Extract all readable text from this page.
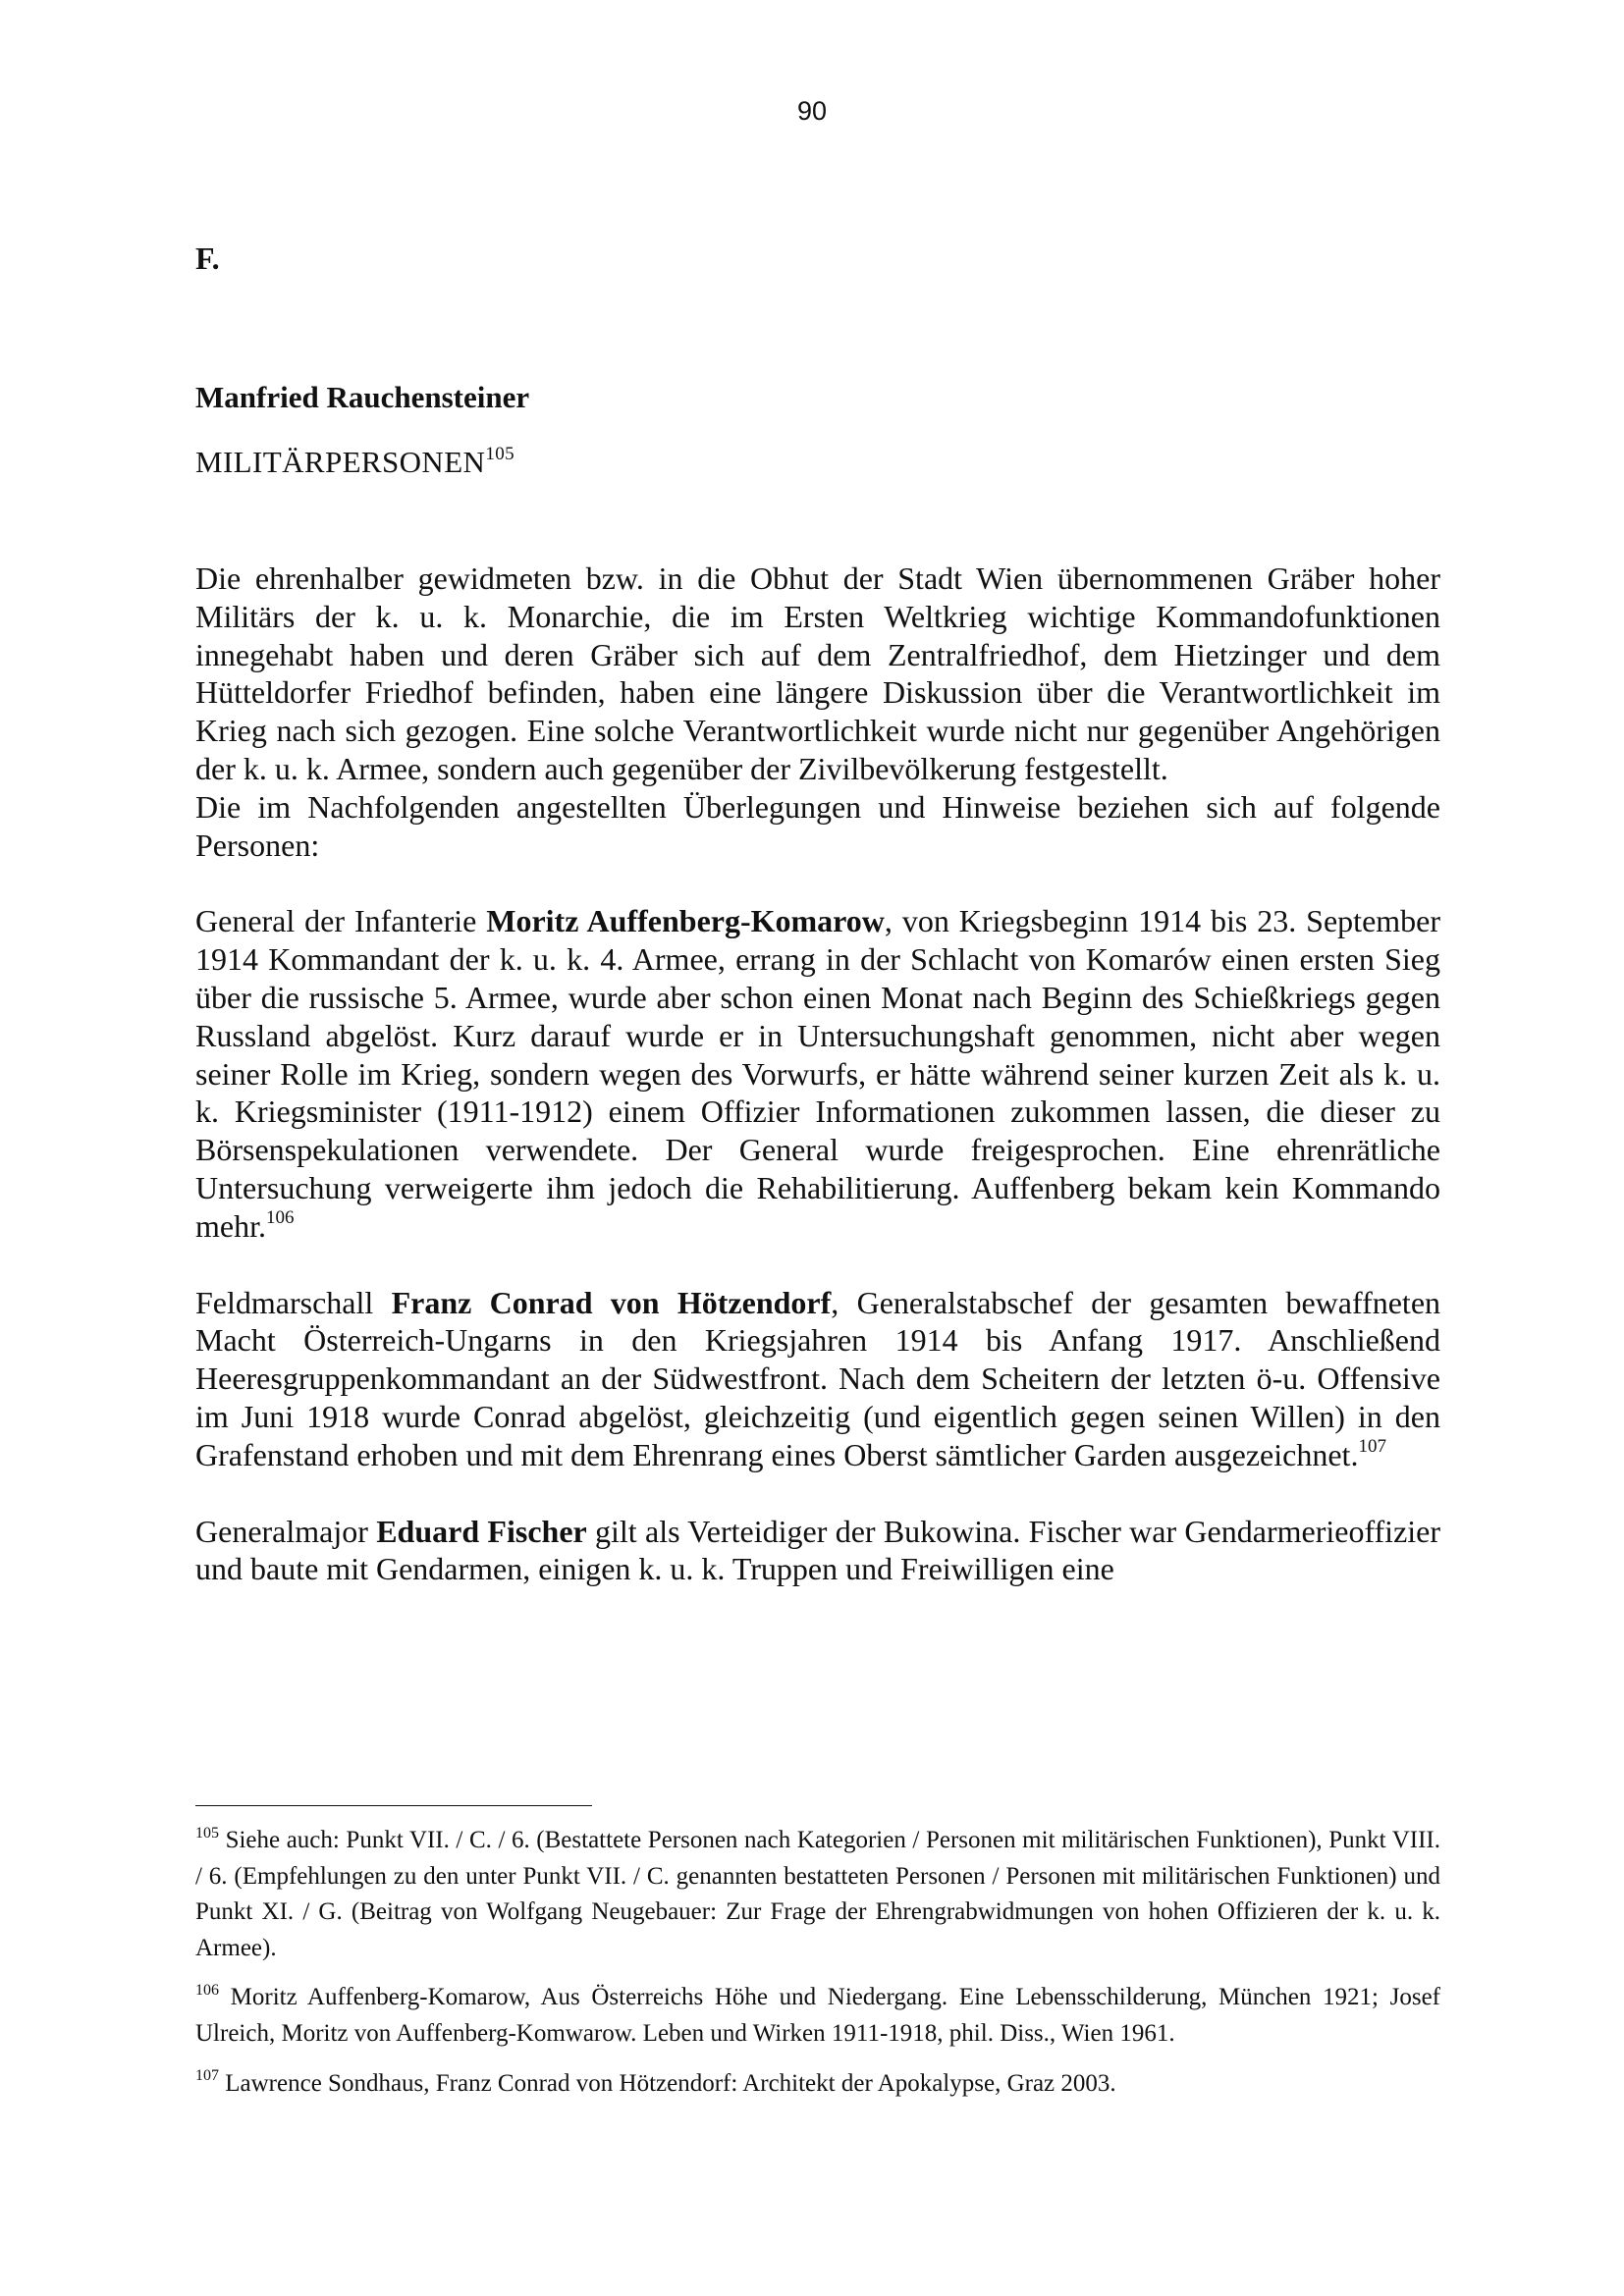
90
F.
Manfried Rauchensteiner
MILITÄRPERSONEN$^{105}$

Die ehrenhalber gewidmeten bzw. in die Obhut der Stadt Wien übernommenen Gräber hoher Militärs der k. u. k. Monarchie, die im Ersten Weltkrieg wichtige Kommandofunktionen innegehabt haben und deren Gräber sich auf dem Zentralfriedhof, dem Hietzinger und dem Hütteldorfer Friedhof befinden, haben eine längere Diskussion über die Verantwortlichkeit im Krieg nach sich gezogen. Eine solche Verantwortlichkeit wurde nicht nur gegenüber Angehörigen der k. u. k. Armee, sondern auch gegenüber der Zivilbevölkerung festgestellt.

Die im Nachfolgenden angestellten Überlegungen und Hinweise beziehen sich auf folgende Personen:

General der Infanterie Moritz Auffenberg-Komarow, von Kriegsbeginn 1914 bis 23. September 1914 Kommandant der k. u. k. 4. Armee, errang in der Schlacht von Komarów einen ersten Sieg über die russische 5. Armee, wurde aber schon einen Monat nach Beginn des Schießkriegs gegen Russland abgelöst. Kurz darauf wurde er in Untersuchungshaft genommen, nicht aber wegen seiner Rolle im Krieg, sondern wegen des Vorwurfs, er hätte während seiner kurzen Zeit als k. u. k. Kriegsminister (1911-1912) einem Offizier Informationen zukommen lassen, die dieser zu Börsenspekulationen verwendete. Der General wurde freigesprochen. Eine ehrenrätliche Untersuchung verweigerte ihm jedoch die Rehabilitierung. Auffenberg bekam kein Kommando mehr.$^{106}$

Feldmarschall Franz Conrad von Hötzendorf, Generalstabschef der gesamten bewaffneten Macht Österreich-Ungarns in den Kriegsjahren 1914 bis Anfang 1917. Anschließend Heeresgruppenkommandant an der Südwestfront. Nach dem Scheitern der letzten ö-u. Offensive im Juni 1918 wurde Conrad abgelöst, gleichzeitig (und eigentlich gegen seinen Willen) in den Grafenstand erhoben und mit dem Ehrenrang eines Oberst sämtlicher Garden ausgezeichnet.$^{107}$

Generalmajor Eduard Fischer gilt als Verteidiger der Bukowina. Fischer war Gendarmerieoffizier und baute mit Gendarmen, einigen k. u. k. Truppen und Freiwilligen eine

$^{105}$ Siehe auch: Punkt VII. / C. / 6. (Bestattete Personen nach Kategorien / Personen mit militärischen Funktionen), Punkt VIII. / 6. (Empfehlungen zu den unter Punkt VII. / C. genannten bestatteten Personen / Personen mit militärischen Funktionen) und Punkt XI. / G. (Beitrag von Wolfgang Neugebauer: Zur Frage der Ehrengrabwidmungen von hohen Offizieren der k. u. k. Armee).

$^{106}$ Moritz Auffenberg-Komarow, Aus Österreichs Höhe und Niedergang. Eine Lebensschilderung, München 1921; Josef Ulreich, Moritz von Auffenberg-Komwarow. Leben und Wirken 1911-1918, phil. Diss., Wien 1961.

$^{107}$ Lawrence Sondhaus, Franz Conrad von Hötzendorf: Architekt der Apokalypse, Graz 2003.
